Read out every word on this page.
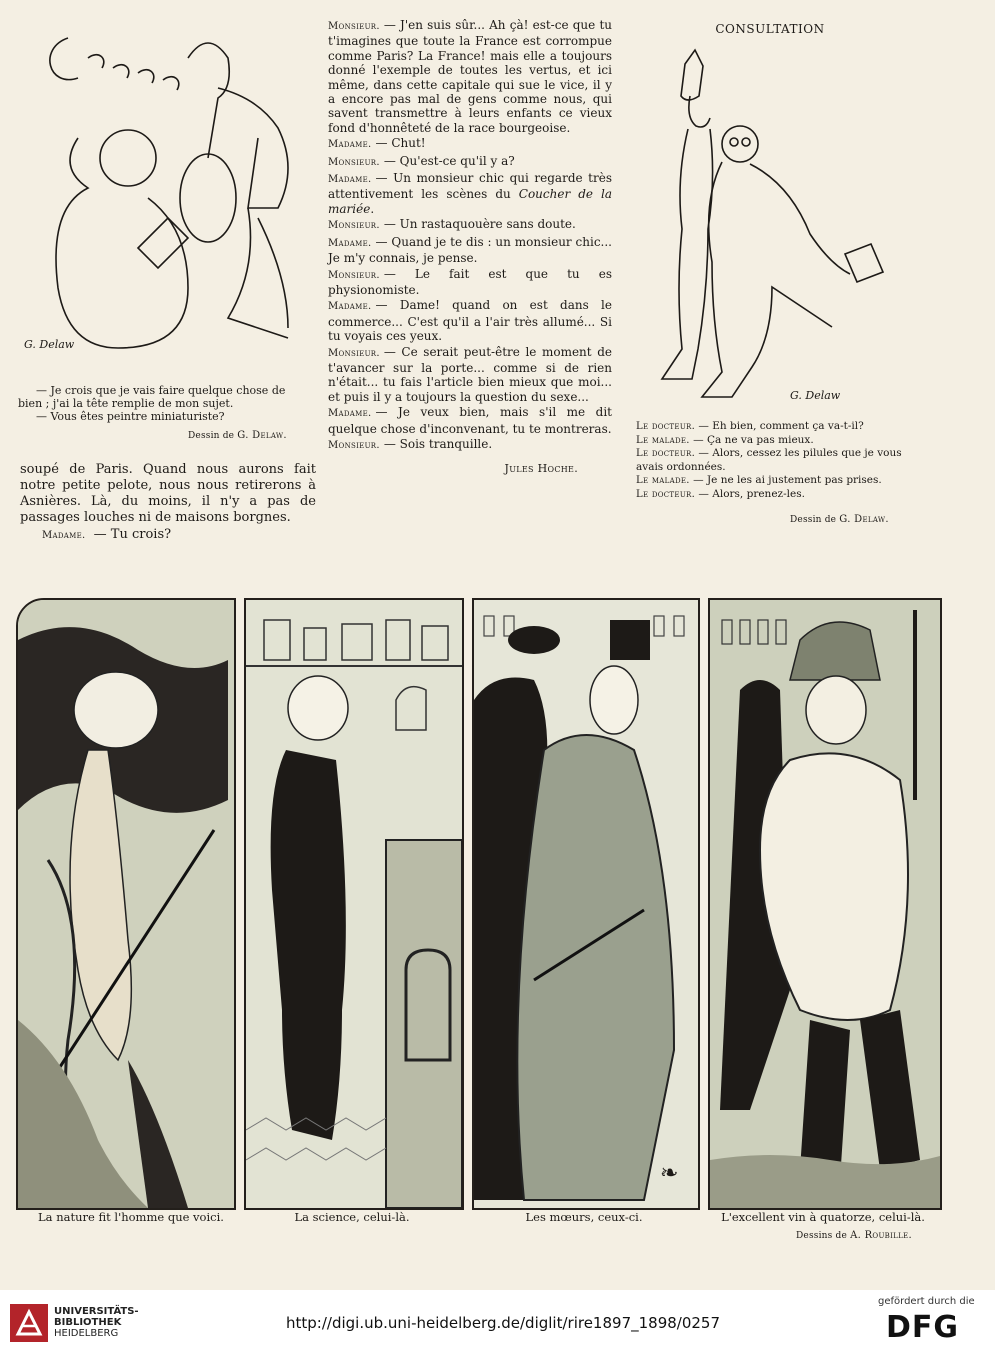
G. Delaw
— Je crois que je vais faire quelque chose de
bien ; j'ai la tête remplie de mon sujet.
— Vous êtes peintre miniaturiste?
Dessin de G. Delaw.

soupé de Paris. Quand nous aurons fait notre petite pelote, nous nous retirerons à Asnières. Là, du moins, il n'y a pas de passages louches ni de maisons borgnes.

Madame. — Tu crois?

Monsieur. — J'en suis sûr... Ah çà! est-ce que tu t'imagines que toute la France est corrompue comme Paris? La France! mais elle a toujours donné l'exemple de toutes les vertus, et ici même, dans cette capitale qui sue le vice, il y a encore pas mal de gens comme nous, qui savent transmettre à leurs enfants ce vieux fond d'honnêteté de la race bourgeoise.

Madame. — Chut!

Monsieur. — Qu'est-ce qu'il y a?

Madame. — Un monsieur chic qui regarde très attentivement les scènes du Coucher de la mariée.

Monsieur. — Un rastaquouère sans doute.

Madame. — Quand je te dis : un monsieur chic... Je m'y connais, je pense.

Monsieur. — Le fait est que tu es physionomiste.

Madame. — Dame! quand on est dans le commerce... C'est qu'il a l'air très allumé... Si tu voyais ces yeux.

Monsieur. — Ce serait peut-être le moment de t'avancer sur la porte... comme si de rien n'était... tu fais l'article bien mieux que moi... et puis il y a toujours la question du sexe...

Madame. — Je veux bien, mais s'il me dit quelque chose d'inconvenant, tu te montreras.

Monsieur. — Sois tranquille.

Jules Hoche.

CONSULTATION
G. Delaw
Le docteur. — Eh bien, comment ça va-t-il?
Le malade. — Ça ne va pas mieux.
Le docteur. — Alors, cessez les pilules que je vous avais ordonnées.
Le malade. — Je ne les ai justement pas prises.
Le docteur. — Alors, prenez-les.
Dessin de G. Delaw.
❧
La nature fit l'homme que voici.	La science, celui-là.	Les mœurs, ceux-ci.	L'excellent vin à quatorze, celui-là.
Dessins de A. Roubille.
UNIVERSITÄTS-
BIBLIOTHEK
HEIDELBERG
http://digi.ub.uni-heidelberg.de/diglit/rire1897_1898/0257
gefördert durch die
DFG
